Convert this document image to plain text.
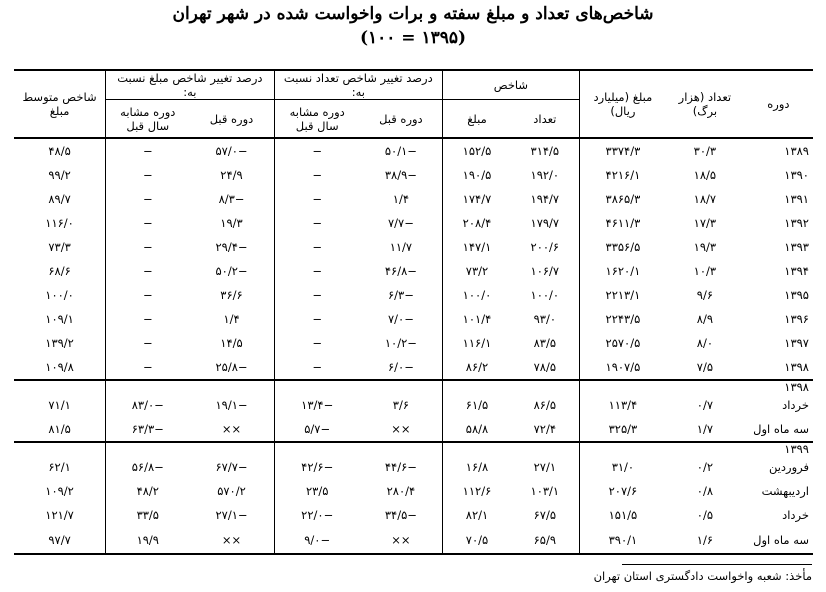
شاخص‌های تعداد و مبلغ سفته و برات واخواست شده در شهر تهران
(۱۰۰ = ۱۳۹۵)
دوره	تعداد (هزار برگ)	مبلغ (میلیارد ریال)	شاخص		درصد تغییر شاخص تعداد نسبت به:		درصد تغییر شاخص مبلغ نسبت به:		شاخص متوسط مبلغ
			تعداد	مبلغ	دوره قبل	دوره مشابه سال قبل	دوره قبل	دوره مشابه سال قبل	
۱۳۸۹	۳۰/۳	۳۳۷۴/۳	۳۱۴/۵	۱۵۲/۵	−۵۰/۱	−	−۵۷/۰	−	۴۸/۵
۱۳۹۰	۱۸/۵	۴۲۱۶/۱	۱۹۲/۰	۱۹۰/۵	−۳۸/۹	−	۲۴/۹	−	۹۹/۲
۱۳۹۱	۱۸/۷	۳۸۶۵/۳	۱۹۴/۷	۱۷۴/۷	۱/۴	−	−۸/۳	−	۸۹/۷
۱۳۹۲	۱۷/۳	۴۶۱۱/۳	۱۷۹/۷	۲۰۸/۴	−۷/۷	−	۱۹/۳	−	۱۱۶/۰
۱۳۹۳	۱۹/۳	۳۳۵۶/۵	۲۰۰/۶	۱۴۷/۱	۱۱/۷	−	−۲۹/۴	−	۷۳/۳
۱۳۹۴	۱۰/۳	۱۶۲۰/۱	۱۰۶/۷	۷۳/۲	−۴۶/۸	−	−۵۰/۲	−	۶۸/۶
۱۳۹۵	۹/۶	۲۲۱۳/۱	۱۰۰/۰	۱۰۰/۰	−۶/۳	−	۳۶/۶	−	۱۰۰/۰
۱۳۹۶	۸/۹	۲۲۴۳/۵	۹۳/۰	۱۰۱/۴	−۷/۰	−	۱/۴	−	۱۰۹/۱
۱۳۹۷	۸/۰	۲۵۷۰/۵	۸۳/۵	۱۱۶/۱	−۱۰/۲	−	۱۴/۵	−	۱۳۹/۲
۱۳۹۸	۷/۵	۱۹۰۷/۵	۷۸/۵	۸۶/۲	−۶/۰	−	−۲۵/۸	−	۱۰۹/۸
۱۳۹۸									
خرداد	۰/۷	۱۱۳/۴	۸۶/۵	۶۱/۵	۳/۶	−۱۳/۴	−۱۹/۱	−۸۳/۰	۷۱/۱
سه ماه اول	۱/۷	۳۲۵/۳	۷۲/۴	۵۸/۸	××	−۵/۷	××	−۶۳/۳	۸۱/۵
۱۳۹۹									
فروردین	۰/۲	۳۱/۰	۲۷/۱	۱۶/۸	−۴۴/۶	−۴۲/۶	−۶۷/۷	−۵۶/۸	۶۲/۱
اردیبهشت	۰/۸	۲۰۷/۶	۱۰۳/۱	۱۱۲/۶	۲۸۰/۴	۲۳/۵	۵۷۰/۲	۴۸/۲	۱۰۹/۲
خرداد	۰/۵	۱۵۱/۵	۶۷/۵	۸۲/۱	−۳۴/۵	−۲۲/۰	−۲۷/۱	۳۳/۵	۱۲۱/۷
سه ماه اول	۱/۶	۳۹۰/۱	۶۵/۹	۷۰/۵	××	−۹/۰	××	۱۹/۹	۹۷/۷
مأخذ: شعبه واخواست دادگستری استان تهران
